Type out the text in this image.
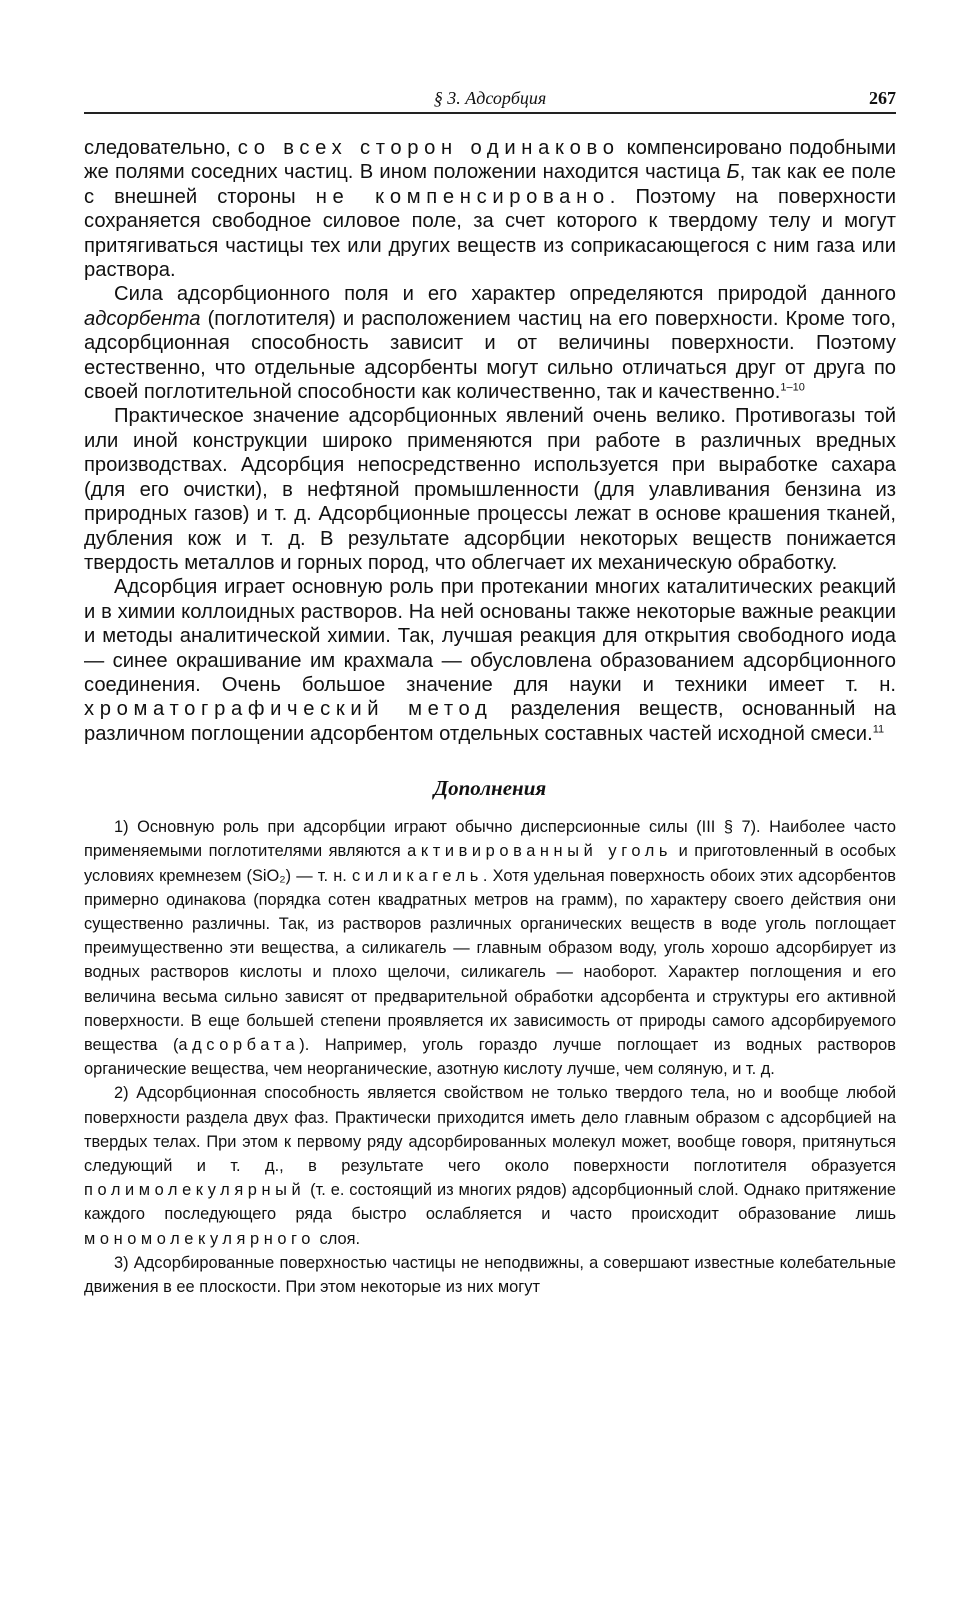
§ 3. Адсорбция	267

следовательно, со всех сторон одинаково компенсировано подобными же полями соседних частиц. В ином положении находится частица Б, так как ее поле с внешней стороны не компенсировано. Поэтому на поверхности сохраняется свободное силовое поле, за счет которого к твердому телу и могут притягиваться частицы тех или других веществ из соприкасающегося с ним газа или раствора.

Сила адсорбционного поля и его характер определяются природой данного адсорбента (поглотителя) и расположением частиц на его поверхности. Кроме того, адсорбционная способность зависит и от величины поверхности. Поэтому естественно, что отдельные адсорбенты могут сильно отличаться друг от друга по своей поглотительной способности как количественно, так и качественно.$^{1-10}$

Практическое значение адсорбционных явлений очень велико. Противогазы той или иной конструкции широко применяются при работе в различных вредных производствах. Адсорбция непосредственно используется при выработке сахара (для его очистки), в нефтяной промышленности (для улавливания бензина из природных газов) и т. д. Адсорбционные процессы лежат в основе крашения тканей, дубления кож и т. д. В результате адсорбции некоторых веществ понижается твердость металлов и горных пород, что облегчает их механическую обработку.

Адсорбция играет основную роль при протекании многих каталитических реакций и в химии коллоидных растворов. На ней основаны также некоторые важные реакции и методы аналитической химии. Так, лучшая реакция для открытия свободного иода — синее окрашивание им крахмала — обусловлена образованием адсорбционного соединения. Очень большое значение для науки и техники имеет т. н. хроматографический метод разделения веществ, основанный на различном поглощении адсорбентом отдельных составных частей исходной смеси.$^{11}$

Дополнения

1) Основную роль при адсорбции играют обычно дисперсионные силы (III § 7). Наиболее часто применяемыми поглотителями являются активированный уголь и приготовленный в особых условиях кремнезем (SiO₂) — т. н. силикагель. Хотя удельная поверхность обоих этих адсорбентов примерно одинакова (порядка сотен квадратных метров на грамм), по характеру своего действия они существенно различны. Так, из растворов различных органических веществ в воде уголь поглощает преимущественно эти вещества, а силикагель — главным образом воду, уголь хорошо адсорбирует из водных растворов кислоты и плохо щелочи, силикагель — наоборот. Характер поглощения и его величина весьма сильно зависят от предварительной обработки адсорбента и структуры его активной поверхности. В еще большей степени проявляется их зависимость от природы самого адсорбируемого вещества (адсорбата). Например, уголь гораздо лучше поглощает из водных растворов органические вещества, чем неорганические, азотную кислоту лучше, чем соляную, и т. д.

2) Адсорбционная способность является свойством не только твердого тела, но и вообще любой поверхности раздела двух фаз. Практически приходится иметь дело главным образом с адсорбцией на твердых телах. При этом к первому ряду адсорбированных молекул может, вообще говоря, притянуться следующий и т. д., в результате чего около поверхности поглотителя образуется полимолекулярный (т. е. состоящий из многих рядов) адсорбционный слой. Однако притяжение каждого последующего ряда быстро ослабляется и часто происходит образование лишь мономолекулярного слоя.

3) Адсорбированные поверхностью частицы не неподвижны, а совершают известные колебательные движения в ее плоскости. При этом некоторые из них могут
